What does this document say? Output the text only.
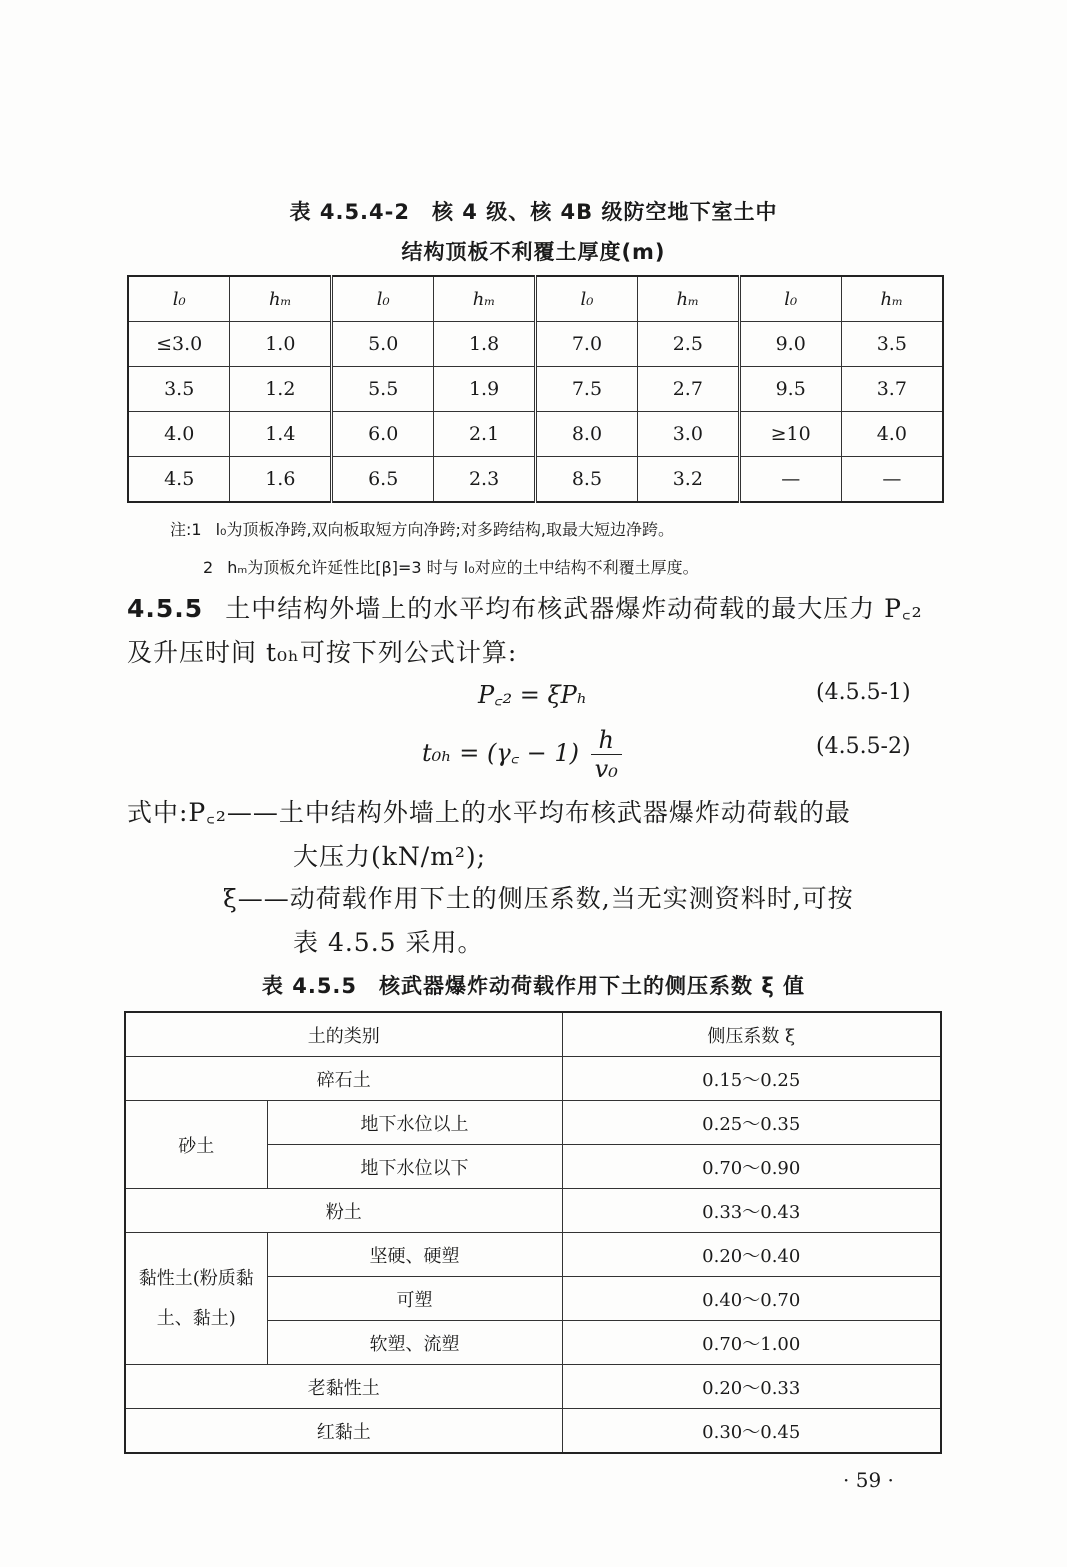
表 4.5.4-2　核 4 级、核 4B 级防空地下室土中
结构顶板不利覆土厚度(m)
l₀	hₘ	l₀	hₘ	l₀	hₘ	l₀	hₘ
≤3.0	1.0	5.0	1.8	7.0	2.5	9.0	3.5
3.5	1.2	5.5	1.9	7.5	2.7	9.5	3.7
4.0	1.4	6.0	2.1	8.0	3.0	≥10	4.0
4.5	1.6	6.5	2.3	8.5	3.2	—	—
注:1 l₀为顶板净跨,双向板取短方向净跨;对多跨结构,取最大短边净跨。
2 hₘ为顶板允许延性比[β]=3 时与 l₀对应的土中结构不利覆土厚度。
4.5.5 土中结构外墙上的水平均布核武器爆炸动荷载的最大压力 P꜀₂及升压时间 t₀ₕ可按下列公式计算:
P꜀₂ = ξPₕ	(4.5.5-1)
t₀ₕ = (γ꜀ − $1) \frac{h}{\text{v₀}}$	(4.5.5-2)
式中:P꜀₂——土中结构外墙上的水平均布核武器爆炸动荷载的最
大压力(kN/m²);
ξ——动荷载作用下土的侧压系数,当无实测资料时,可按
表 4.5.5 采用。
表 4.5.5　核武器爆炸动荷载作用下土的侧压系数 ξ 值
土的类别		侧压系数 ξ
碎石土		0.15～0.25
砂土	地下水位以上	0.25～0.35
	地下水位以下	0.70～0.90
粉土		0.33～0.43
黏性土(粉质黏土、黏土)	坚硬、硬塑	0.20～0.40
	可塑	0.40～0.70
	软塑、流塑	0.70～1.00
老黏性土		0.20～0.33
红黏土		0.30～0.45
· 59 ·
